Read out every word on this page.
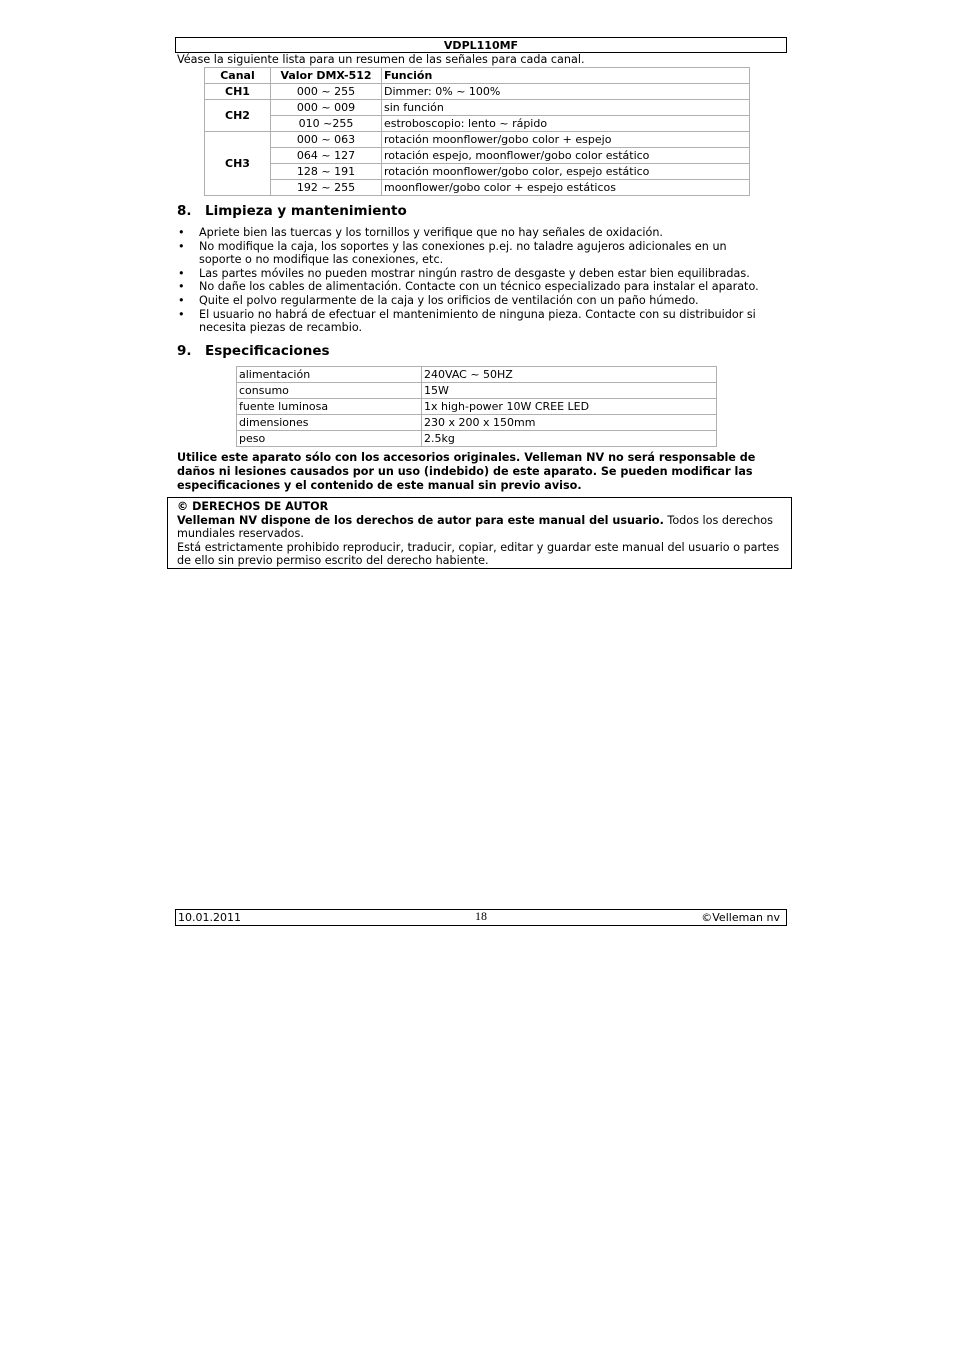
VDPL110MF
Véase la siguiente lista para un resumen de las señales para cada canal.
Canal	Valor DMX-512	Función
CH1	000 ~ 255	Dimmer: 0% ~ 100%
CH2	000 ~ 009	sin función
	010 ~255	estroboscopio: lento ~ rápido
CH3	000 ~ 063	rotación moonflower/gobo color + espejo
	064 ~ 127	rotación espejo, moonflower/gobo color estático
	128 ~ 191	rotación moonflower/gobo color, espejo estático
	192 ~ 255	moonflower/gobo color + espejo estáticos
8. Limpieza y mantenimiento
• Apriete bien las tuercas y los tornillos y verifique que no hay señales de oxidación.
• No modifique la caja, los soportes y las conexiones p.ej. no taladre agujeros adicionales en un soporte o no modifique las conexiones, etc.
• Las partes móviles no pueden mostrar ningún rastro de desgaste y deben estar bien equilibradas.
• No dañe los cables de alimentación. Contacte con un técnico especializado para instalar el aparato.
• Quite el polvo regularmente de la caja y los orificios de ventilación con un paño húmedo.
• El usuario no habrá de efectuar el mantenimiento de ninguna pieza. Contacte con su distribuidor si necesita piezas de recambio.
9. Especificaciones
alimentación	240VAC ~ 50HZ
consumo	15W
fuente luminosa	1x high-power 10W CREE LED
dimensiones	230 x 200 x 150mm
peso	2.5kg
Utilice este aparato sólo con los accesorios originales. Velleman NV no será responsable de daños ni lesiones causados por un uso (indebido) de este aparato. Se pueden modificar las especificaciones y el contenido de este manual sin previo aviso.
© DERECHOS DE AUTOR
Velleman NV dispone de los derechos de autor para este manual del usuario. Todos los derechos mundiales reservados.
Está estrictamente prohibido reproducir, traducir, copiar, editar y guardar este manual del usuario o partes de ello sin previo permiso escrito del derecho habiente.
10.01.2011	18	©Velleman nv
